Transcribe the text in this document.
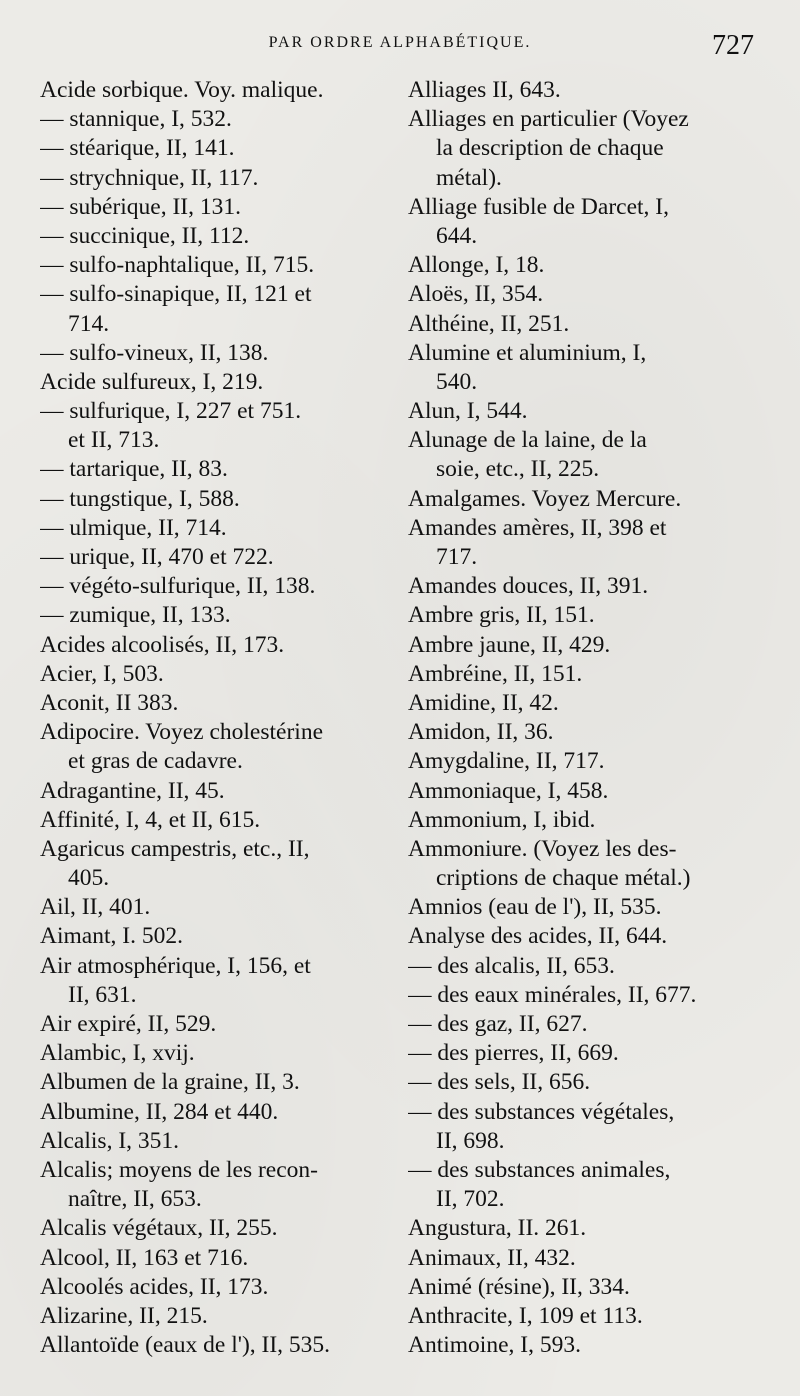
PAR ORDRE ALPHABÉTIQUE.	727
Acide sorbique. Voy. malique.
— stannique, I, 532.
— stéarique, II, 141.
— strychnique, II, 117.
— subérique, II, 131.
— succinique, II, 112.
— sulfo-naphtalique, II, 715.
— sulfo-sinapique, II, 121 et
714.
— sulfo-vineux, II, 138.
Acide sulfureux, I, 219.
— sulfurique, I, 227 et 751.
et II, 713.
— tartarique, II, 83.
— tungstique, I, 588.
— ulmique, II, 714.
— urique, II, 470 et 722.
— végéto-sulfurique, II, 138.
— zumique, II, 133.
Acides alcoolisés, II, 173.
Acier, I, 503.
Aconit, II 383.
Adipocire. Voyez cholestérine
et gras de cadavre.
Adragantine, II, 45.
Affinité, I, 4, et II, 615.
Agaricus campestris, etc., II,
405.
Ail, II, 401.
Aimant, I. 502.
Air atmosphérique, I, 156, et
II, 631.
Air expiré, II, 529.
Alambic, I, xvij.
Albumen de la graine, II, 3.
Albumine, II, 284 et 440.
Alcalis, I, 351.
Alcalis; moyens de les recon-
naître, II, 653.
Alcalis végétaux, II, 255.
Alcool, II, 163 et 716.
Alcoolés acides, II, 173.
Alizarine, II, 215.
Allantoïde (eaux de l'), II, 535.
Alliages II, 643.
Alliages en particulier (Voyez
la description de chaque
métal).
Alliage fusible de Darcet, I,
644.
Allonge, I, 18.
Aloës, II, 354.
Althéine, II, 251.
Alumine et aluminium, I,
540.
Alun, I, 544.
Alunage de la laine, de la
soie, etc., II, 225.
Amalgames. Voyez Mercure.
Amandes amères, II, 398 et
717.
Amandes douces, II, 391.
Ambre gris, II, 151.
Ambre jaune, II, 429.
Ambréine, II, 151.
Amidine, II, 42.
Amidon, II, 36.
Amygdaline, II, 717.
Ammoniaque, I, 458.
Ammonium, I, ibid.
Ammoniure. (Voyez les des-
criptions de chaque métal.)
Amnios (eau de l'), II, 535.
Analyse des acides, II, 644.
— des alcalis, II, 653.
— des eaux minérales, II, 677.
— des gaz, II, 627.
— des pierres, II, 669.
— des sels, II, 656.
— des substances végétales,
II, 698.
— des substances animales,
II, 702.
Angustura, II. 261.
Animaux, II, 432.
Animé (résine), II, 334.
Anthracite, I, 109 et 113.
Antimoine, I, 593.
